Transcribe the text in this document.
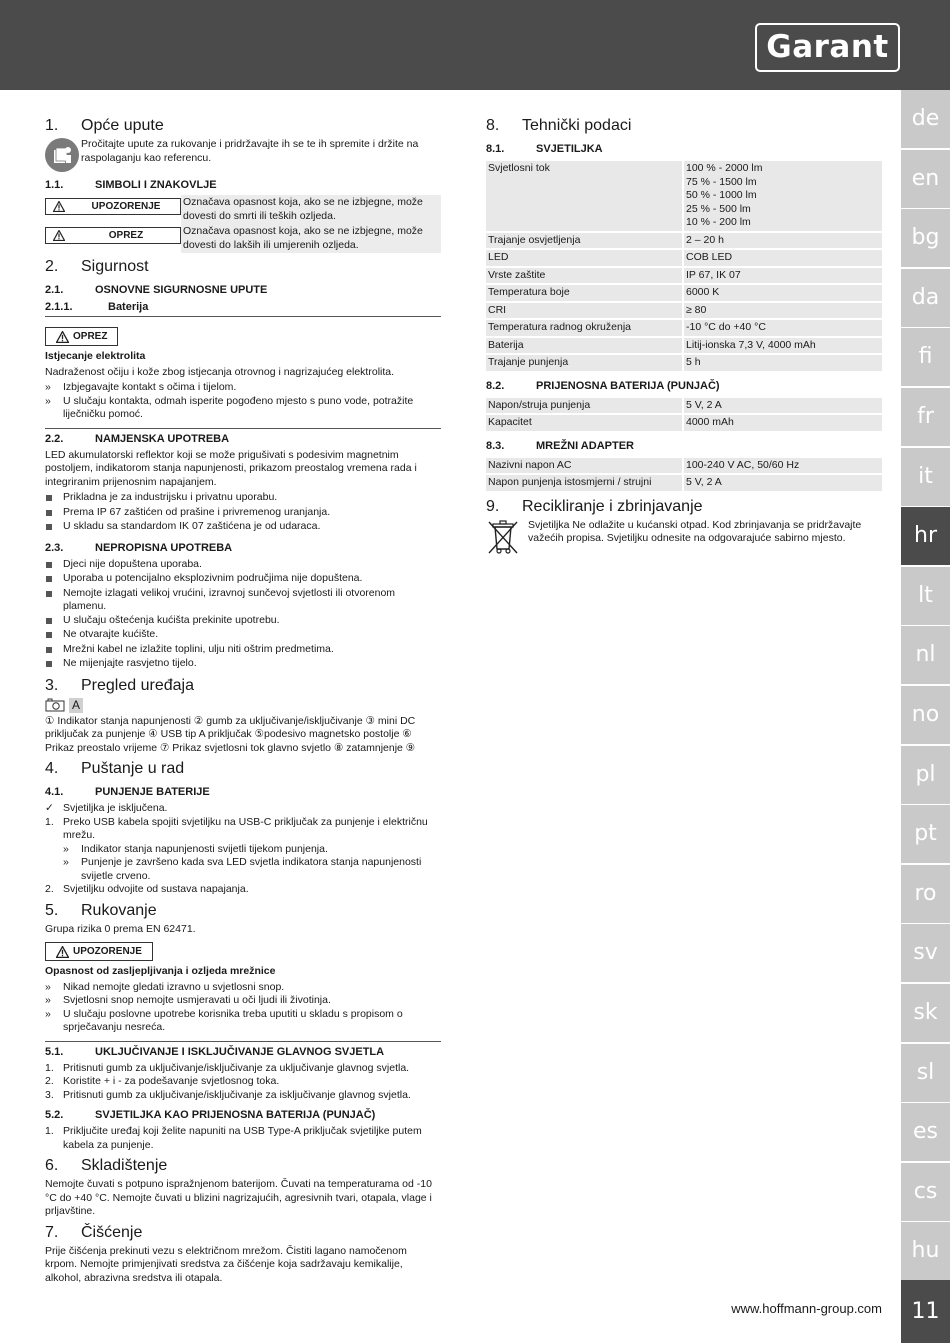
Garant
de
en
bg
da
fi
fr
it
hr
lt
nl
no
pl
pt
ro
sv
sk
sl
es
cs
hu
11
www.hoffmann-group.com
1.	Opće upute

Pročitajte upute za rukovanje i pridržavajte ih se te ih spremite i držite na raspolaganju kao referencu.

1.1.	SIMBOLI I ZNAKOVLJE
UPOZORENJE	Označava opasnost koja, ako se ne izbjegne, može dovesti do smrti ili teških ozljeda.

OPREZ	Označava opasnost koja, ako se ne izbjegne, može dovesti do lakših ili umjerenih ozljeda.
2.	Sigurnost
2.1.	OSNOVNE SIGURNOSNE UPUTE
2.1.1.	Baterija
OPREZ

Istjecanje elektrolita

Nadraženost očiju i kože zbog istjecanja otrovnog i nagrizajućeg elektrolita.

»	Izbjegavajte kontakt s očima i tijelom.
»	U slučaju kontakta, odmah isperite pogođeno mjesto s puno vode, potražite liječničku pomoć.
2.2.	NAMJENSKA UPOTREBA

LED akumulatorski reflektor koji se može prigušivati s podesivim magnetnim postoljem, indikatorom stanja napunjenosti, prikazom preostalog vremena rada i integriranim prijenosnim napajanjem.

Prikladna je za industrijsku i privatnu uporabu.
Prema IP 67 zaštićen od prašine i privremenog uranjanja.
U skladu sa standardom IK 07 zaštićena je od udaraca.
2.3.	NEPROPISNA UPOTREBA
Djeci nije dopuštena uporaba.
Uporaba u potencijalno eksplozivnim područjima nije dopuštena.
Nemojte izlagati velikoj vrućini, izravnoj sunčevoj svjetlosti ili otvorenom plamenu.
U slučaju oštećenja kućišta prekinite upotrebu.
Ne otvarajte kućište.
Mrežni kabel ne izlažite toplini, ulju niti oštrim predmetima.
Ne mijenjajte rasvjetno tijelo.
3.	Pregled uređaja
A

① Indikator stanja napunjenosti ② gumb za uključivanje/isključivanje ③ mini DC priključak za punjenje ④ USB tip A priključak ⑤podesivo magnetsko postolje ⑥ Prikaz preostalo vrijeme ⑦ Prikaz svjetlosni tok glavno svjetlo ⑧ zatamnjenje ⑨

4.	Puštanje u rad
4.1.	PUNJENJE BATERIJE
✓ Svjetiljka je isključena.
1. Preko USB kabela spojiti svjetiljku na USB-C priključak za punjenje i električnu mrežu.
»	Indikator stanja napunjenosti svijetli tijekom punjenja.
»	Punjenje je završeno kada sva LED svjetla indikatora stanja napunjenosti svijetle crveno.
2. Svjetiljku odvojite od sustava napajanja.
5.	Rukovanje

Grupa rizika 0 prema EN 62471.

UPOZORENJE

Opasnost od zasljepljivanja i ozljeda mrežnice

»	Nikad nemojte gledati izravno u svjetlosni snop.
»	Svjetlosni snop nemojte usmjeravati u oči ljudi ili životinja.
»	U slučaju poslovne upotrebe korisnika treba uputiti u skladu s propisom o sprječavanju nesreća.
5.1.	UKLJUČIVANJE I ISKLJUČIVANJE GLAVNOG SVJETLA
1. Pritisnuti gumb za uključivanje/isključivanje za uključivanje glavnog svjetla.
2. Koristite + i - za podešavanje svjetlosnog toka.
3. Pritisnuti gumb za uključivanje/isključivanje za isključivanje glavnog svjetla.
5.2.	SVJETILJKA KAO PRIJENOSNA BATERIJA (PUNJAČ)
1. Priključite uređaj koji želite napuniti na USB Type-A priključak svjetiljke putem kabela za punjenje.
6.	Skladištenje

Nemojte čuvati s potpuno ispražnjenom baterijom. Čuvati na temperaturama od -10 °C do +40 °C. Nemojte čuvati u blizini nagrizajućih, agresivnih tvari, otapala, vlage i prljavštine.

7.	Čišćenje

Prije čišćenja prekinuti vezu s električnom mrežom. Čistiti lagano namočenom krpom. Nemojte primjenjivati sredstva za čišćenje koja sadržavaju kemikalije, alkohol, abrazivna sredstva ili otapala.

8.	Tehnički podaci
8.1.	SVJETILJKA
Svjetlosni tok		100 % - 2000 lm
75 % - 1500 lm
50 % - 1000 lm
25 % - 500 lm
10 % - 200 lm
Trajanje osvjetljenja		2 – 20 h
LED		COB LED
Vrste zaštite		IP 67, IK 07
Temperatura boje		6000 K
CRI		≥ 80
Temperatura radnog okruženja		-10 °C do +40 °C
Baterija		Litij-ionska 7,3 V, 4000 mAh
Trajanje punjenja		5 h
8.2.	PRIJENOSNA BATERIJA (PUNJAČ)
Napon/struja punjenja		5 V, 2 A
Kapacitet		4000 mAh
8.3.	MREŽNI ADAPTER
Nazivni napon AC		100-240 V AC, 50/60 Hz
Napon punjenja istosmjerni / strujni		5 V, 2 A
9.	Recikliranje i zbrinjavanje

Svjetiljka Ne odlažite u kućanski otpad. Kod zbrinjavanja se pridržavajte važećih propisa. Svjetiljku odnesite na odgovarajuće sabirno mjesto.
